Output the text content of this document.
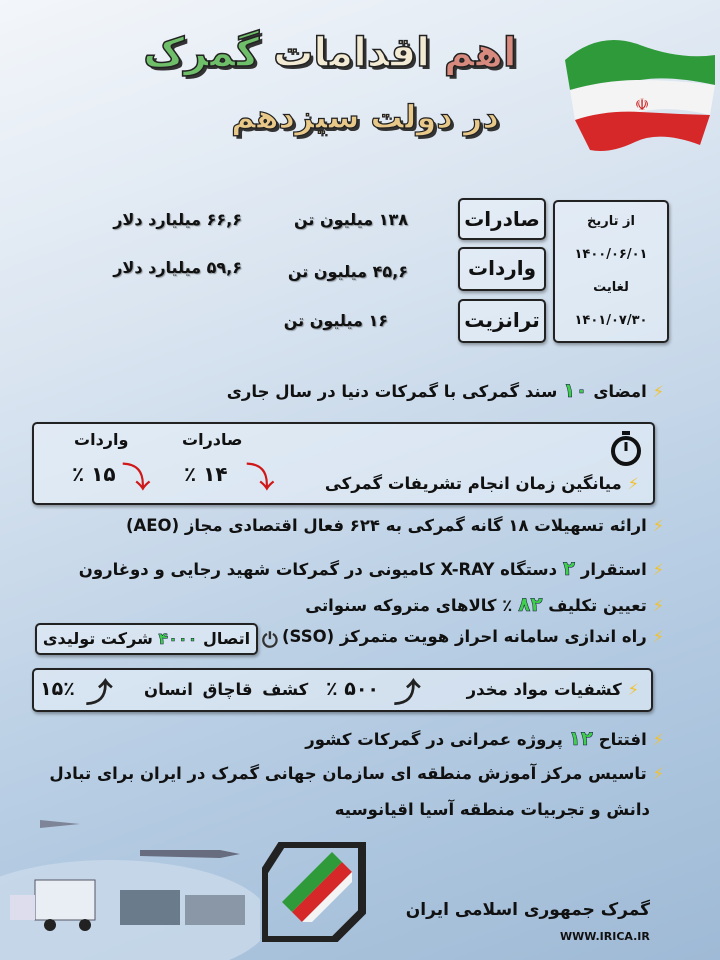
اهم اقدامات گمرک
در دولت سیزدهم	☫
از تاریخ
۱۴۰۰/۰۶/۰۱
لغایت
۱۴۰۱/۰۷/۳۰
صادرات
واردات
ترانزیت
۱۳۸ میلیون تن
۴۵,۶ میلیون تن
۱۶ میلیون تن
۶۶,۶ میلیارد دلار
۵۹,۶ میلیارد دلار
⚡امضای ۱۰ سند گمرکی با گمرکات دنیا در سال جاری
⚡میانگین زمان انجام تشریفات گمرکی
صادرات
واردات
۱۴ ٪ ⤵
۱۵ ٪ ⤵
⚡ارائه تسهیلات ۱۸ گانه گمرکی به ۶۲۴ فعال اقتصادی مجاز (AEO)
⚡استقرار ۲ دستگاه X-RAY کامیونی در گمرکات شهید رجایی و دوغارون
⚡تعیین تکلیف ۸۲ ٪ کالاهای متروکه سنواتی
⚡راه اندازی سامانه احراز هویت متمرکز (SSO)
⏻
اتصال ۴۰۰۰ شرکت تولیدی
⚡کشفیات مواد مخدر
⤴
۵۰۰ ٪
کشف قاچاق انسان
⤴
۱۵٪
⚡افتتاح ۱۲ پروژه عمرانی در گمرکات کشور
⚡تاسیس مرکز آموزش منطقه ای سازمان جهانی گمرک در ایران برای تبادل
دانش و تجربیات منطقه آسیا اقیانوسیه
گمرک جمهوری اسلامی ایران
WWW.IRICA.IR
